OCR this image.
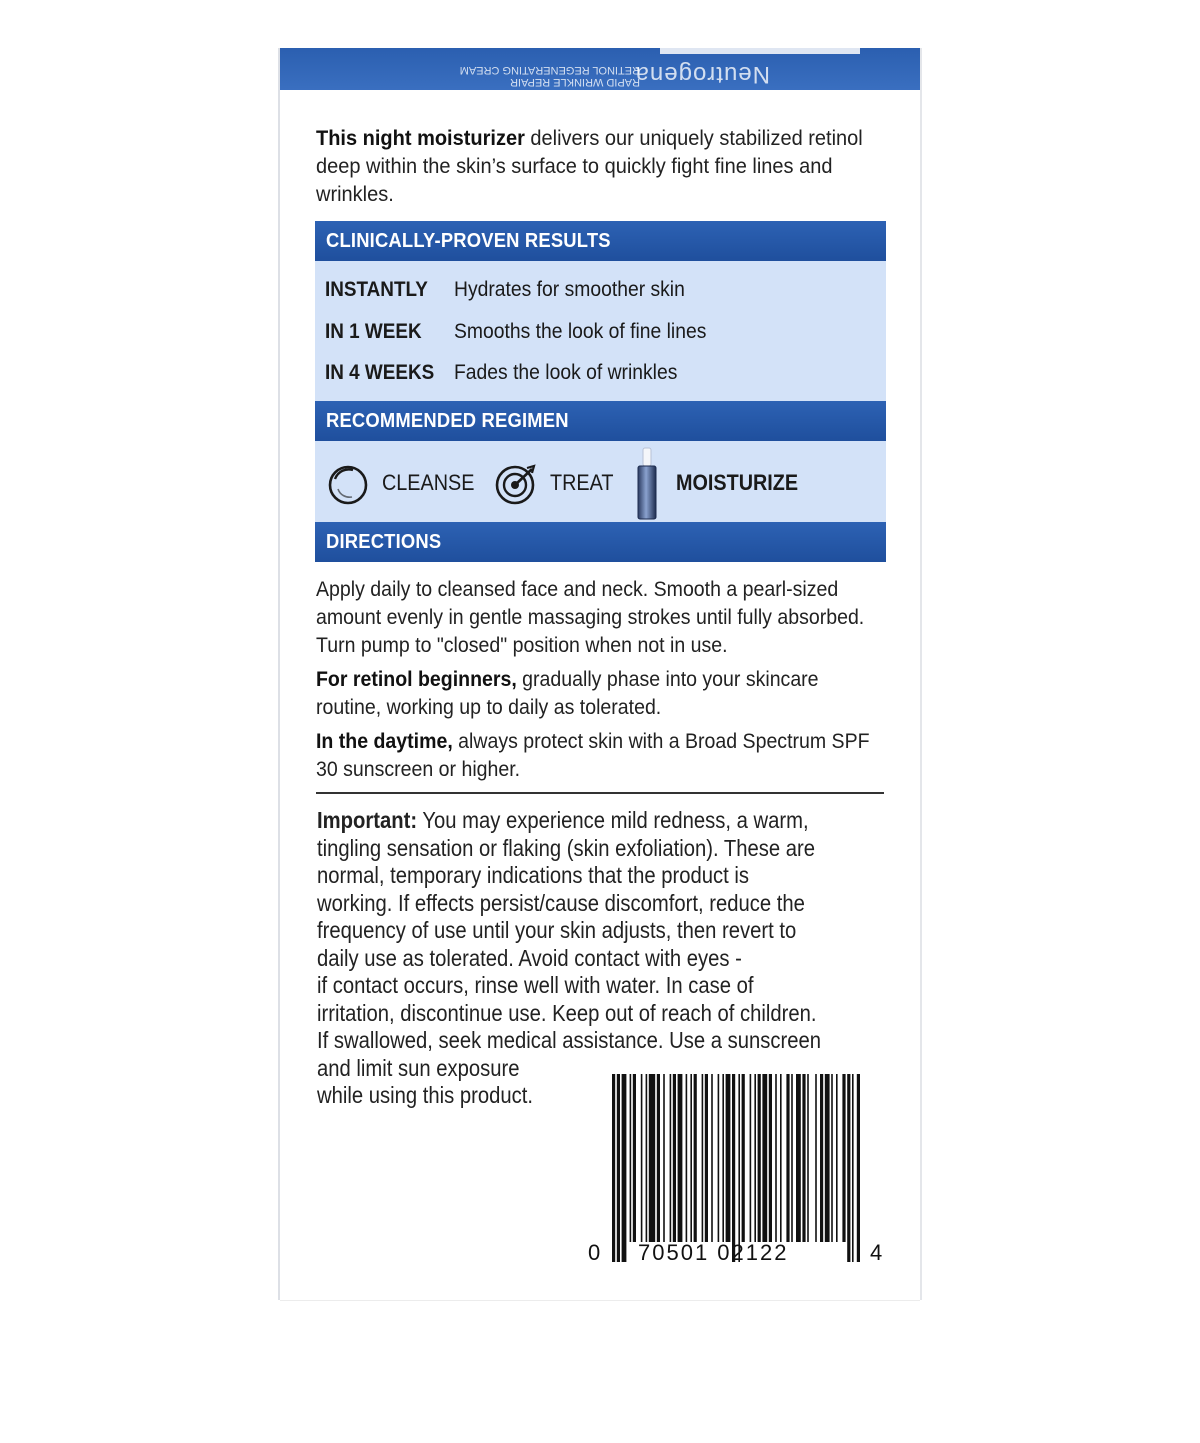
Neutrogena
RAPID WRINKLE REPAIR
RETINOL REGENERATING CREAM
This night moisturizer delivers our uniquely stabilized retinol deep within the skin’s surface to quickly fight fine lines and wrinkles.
CLINICALLY-PROVEN RESULTS
INSTANTLY Hydrates for smoother skin
IN 1 WEEK Smooths the look of fine lines
IN 4 WEEKS Fades the look of wrinkles
RECOMMENDED REGIMEN
CLEANSE	TREAT	MOISTURIZE
DIRECTIONS
Apply daily to cleansed face and neck. Smooth a pearl-sized amount evenly in gentle massaging strokes until fully absorbed. Turn pump to "closed" position when not in use.
For retinol beginners, gradually phase into your skincare routine, working up to daily as tolerated.
In the daytime, always protect skin with a Broad Spectrum SPF 30 sunscreen or higher.
Important: You may experience mild redness, a warm,
tingling sensation or flaking (skin exfoliation). These are
normal, temporary indications that the product is
working. If effects persist/cause discomfort, reduce the
frequency of use until your skin adjusts, then revert to
daily use as tolerated. Avoid contact with eyes -
if contact occurs, rinse well with water. In case of
irritation, discontinue use. Keep out of reach of children.
If swallowed, seek medical assistance. Use a sunscreen
and limit sun exposure
while using this product.
0 70501 02122	4
